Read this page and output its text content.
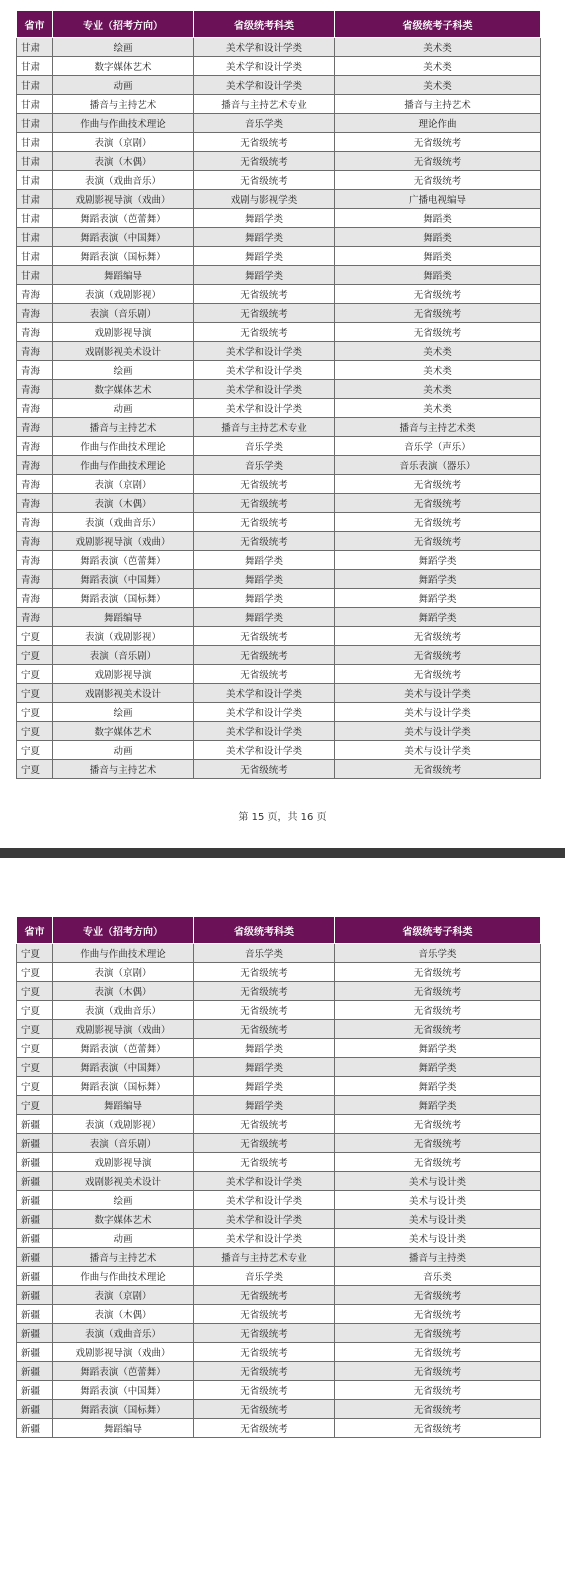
省市	专业（招考方向）	省级统考科类	省级统考子科类
甘肃	绘画	美术学和设计学类	美术类
甘肃	数字媒体艺术	美术学和设计学类	美术类
甘肃	动画	美术学和设计学类	美术类
甘肃	播音与主持艺术	播音与主持艺术专业	播音与主持艺术
甘肃	作曲与作曲技术理论	音乐学类	理论作曲
甘肃	表演（京剧）	无省级统考	无省级统考
甘肃	表演（木偶）	无省级统考	无省级统考
甘肃	表演（戏曲音乐）	无省级统考	无省级统考
甘肃	戏剧影视导演（戏曲）	戏剧与影视学类	广播电视编导
甘肃	舞蹈表演（芭蕾舞）	舞蹈学类	舞蹈类
甘肃	舞蹈表演（中国舞）	舞蹈学类	舞蹈类
甘肃	舞蹈表演（国标舞）	舞蹈学类	舞蹈类
甘肃	舞蹈编导	舞蹈学类	舞蹈类
青海	表演（戏剧影视）	无省级统考	无省级统考
青海	表演（音乐剧）	无省级统考	无省级统考
青海	戏剧影视导演	无省级统考	无省级统考
青海	戏剧影视美术设计	美术学和设计学类	美术类
青海	绘画	美术学和设计学类	美术类
青海	数字媒体艺术	美术学和设计学类	美术类
青海	动画	美术学和设计学类	美术类
青海	播音与主持艺术	播音与主持艺术专业	播音与主持艺术类
青海	作曲与作曲技术理论	音乐学类	音乐学（声乐）
青海	作曲与作曲技术理论	音乐学类	音乐表演（器乐）
青海	表演（京剧）	无省级统考	无省级统考
青海	表演（木偶）	无省级统考	无省级统考
青海	表演（戏曲音乐）	无省级统考	无省级统考
青海	戏剧影视导演（戏曲）	无省级统考	无省级统考
青海	舞蹈表演（芭蕾舞）	舞蹈学类	舞蹈学类
青海	舞蹈表演（中国舞）	舞蹈学类	舞蹈学类
青海	舞蹈表演（国标舞）	舞蹈学类	舞蹈学类
青海	舞蹈编导	舞蹈学类	舞蹈学类
宁夏	表演（戏剧影视）	无省级统考	无省级统考
宁夏	表演（音乐剧）	无省级统考	无省级统考
宁夏	戏剧影视导演	无省级统考	无省级统考
宁夏	戏剧影视美术设计	美术学和设计学类	美术与设计学类
宁夏	绘画	美术学和设计学类	美术与设计学类
宁夏	数字媒体艺术	美术学和设计学类	美术与设计学类
宁夏	动画	美术学和设计学类	美术与设计学类
宁夏	播音与主持艺术	无省级统考	无省级统考
第 15 页，共 16 页
省市	专业（招考方向）	省级统考科类	省级统考子科类
宁夏	作曲与作曲技术理论	音乐学类	音乐学类
宁夏	表演（京剧）	无省级统考	无省级统考
宁夏	表演（木偶）	无省级统考	无省级统考
宁夏	表演（戏曲音乐）	无省级统考	无省级统考
宁夏	戏剧影视导演（戏曲）	无省级统考	无省级统考
宁夏	舞蹈表演（芭蕾舞）	舞蹈学类	舞蹈学类
宁夏	舞蹈表演（中国舞）	舞蹈学类	舞蹈学类
宁夏	舞蹈表演（国标舞）	舞蹈学类	舞蹈学类
宁夏	舞蹈编导	舞蹈学类	舞蹈学类
新疆	表演（戏剧影视）	无省级统考	无省级统考
新疆	表演（音乐剧）	无省级统考	无省级统考
新疆	戏剧影视导演	无省级统考	无省级统考
新疆	戏剧影视美术设计	美术学和设计学类	美术与设计类
新疆	绘画	美术学和设计学类	美术与设计类
新疆	数字媒体艺术	美术学和设计学类	美术与设计类
新疆	动画	美术学和设计学类	美术与设计类
新疆	播音与主持艺术	播音与主持艺术专业	播音与主持类
新疆	作曲与作曲技术理论	音乐学类	音乐类
新疆	表演（京剧）	无省级统考	无省级统考
新疆	表演（木偶）	无省级统考	无省级统考
新疆	表演（戏曲音乐）	无省级统考	无省级统考
新疆	戏剧影视导演（戏曲）	无省级统考	无省级统考
新疆	舞蹈表演（芭蕾舞）	无省级统考	无省级统考
新疆	舞蹈表演（中国舞）	无省级统考	无省级统考
新疆	舞蹈表演（国标舞）	无省级统考	无省级统考
新疆	舞蹈编导	无省级统考	无省级统考
